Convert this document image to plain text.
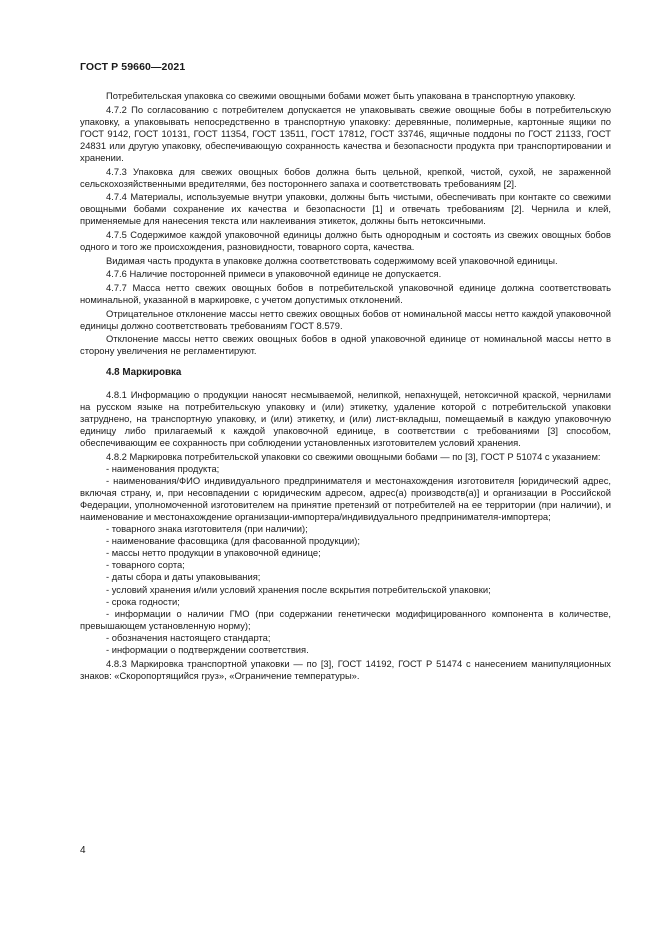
ГОСТ Р 59660—2021

Потребительская упаковка со свежими овощными бобами может быть упакована в транспортную упаковку.

4.7.2 По согласованию с потребителем допускается не упаковывать свежие овощные бобы в потребительскую упаковку, а упаковывать непосредственно в транспортную упаковку: деревянные, полимерные, картонные ящики по ГОСТ 9142, ГОСТ 10131, ГОСТ 11354, ГОСТ 13511, ГОСТ 17812, ГОСТ 33746, ящичные поддоны по ГОСТ 21133, ГОСТ 24831 или другую упаковку, обеспечивающую сохранность качества и безопасности продукта при транспортировании и хранении.

4.7.3 Упаковка для свежих овощных бобов должна быть цельной, крепкой, чистой, сухой, не зараженной сельскохозяйственными вредителями, без постороннего запаха и соответствовать требованиям [2].

4.7.4 Материалы, используемые внутри упаковки, должны быть чистыми, обеспечивать при контакте со свежими овощными бобами сохранение их качества и безопасности [1] и отвечать требованиям [2]. Чернила и клей, применяемые для нанесения текста или наклеивания этикеток, должны быть нетоксичными.

4.7.5 Содержимое каждой упаковочной единицы должно быть однородным и состоять из свежих овощных бобов одного и того же происхождения, разновидности, товарного сорта, качества.

Видимая часть продукта в упаковке должна соответствовать содержимому всей упаковочной единицы.

4.7.6 Наличие посторонней примеси в упаковочной единице не допускается.

4.7.7 Масса нетто свежих овощных бобов в потребительской упаковочной единице должна соответствовать номинальной, указанной в маркировке, с учетом допустимых отклонений.

Отрицательное отклонение массы нетто свежих овощных бобов от номинальной массы нетто каждой упаковочной единицы должно соответствовать требованиям ГОСТ 8.579.

Отклонение массы нетто свежих овощных бобов в одной упаковочной единице от номинальной массы нетто в сторону увеличения не регламентируют.

4.8 Маркировка

4.8.1 Информацию о продукции наносят несмываемой, нелипкой, непахнущей, нетоксичной краской, чернилами на русском языке на потребительскую упаковку и (или) этикетку, удаление которой с потребительской упаковки затруднено, на транспортную упаковку, и (или) этикетку, и (или) лист-вкладыш, помещаемый в каждую упаковочную единицу либо прилагаемый к каждой упаковочной единице, в соответствии с требованиями [3] способом, обеспечивающим ее сохранность при соблюдении установленных изготовителем условий хранения.

4.8.2 Маркировка потребительской упаковки со свежими овощными бобами — по [3], ГОСТ Р 51074 с указанием:

- наименования продукта;
- наименования/ФИО индивидуального предпринимателя и местонахождения изготовителя [юридический адрес, включая страну, и, при несовпадении с юридическим адресом, адрес(а) производств(а)] и организации в Российской Федерации, уполномоченной изготовителем на принятие претензий от потребителей на ее территории (при наличии), и наименование и местонахождение организации-импортера/индивидуального предпринимателя-импортера;
- товарного знака изготовителя (при наличии);
- наименование фасовщика (для фасованной продукции);
- массы нетто продукции в упаковочной единице;
- товарного сорта;
- даты сбора и даты упаковывания;
- условий хранения и/или условий хранения после вскрытия потребительской упаковки;
- срока годности;
- информации о наличии ГМО (при содержании генетически модифицированного компонента в количестве, превышающем установленную норму);
- обозначения настоящего стандарта;
- информации о подтверждении соответствия.

4.8.3 Маркировка транспортной упаковки — по [3], ГОСТ 14192, ГОСТ Р 51474 с нанесением манипуляционных знаков: «Скоропортящийся груз», «Ограничение температуры».

4
